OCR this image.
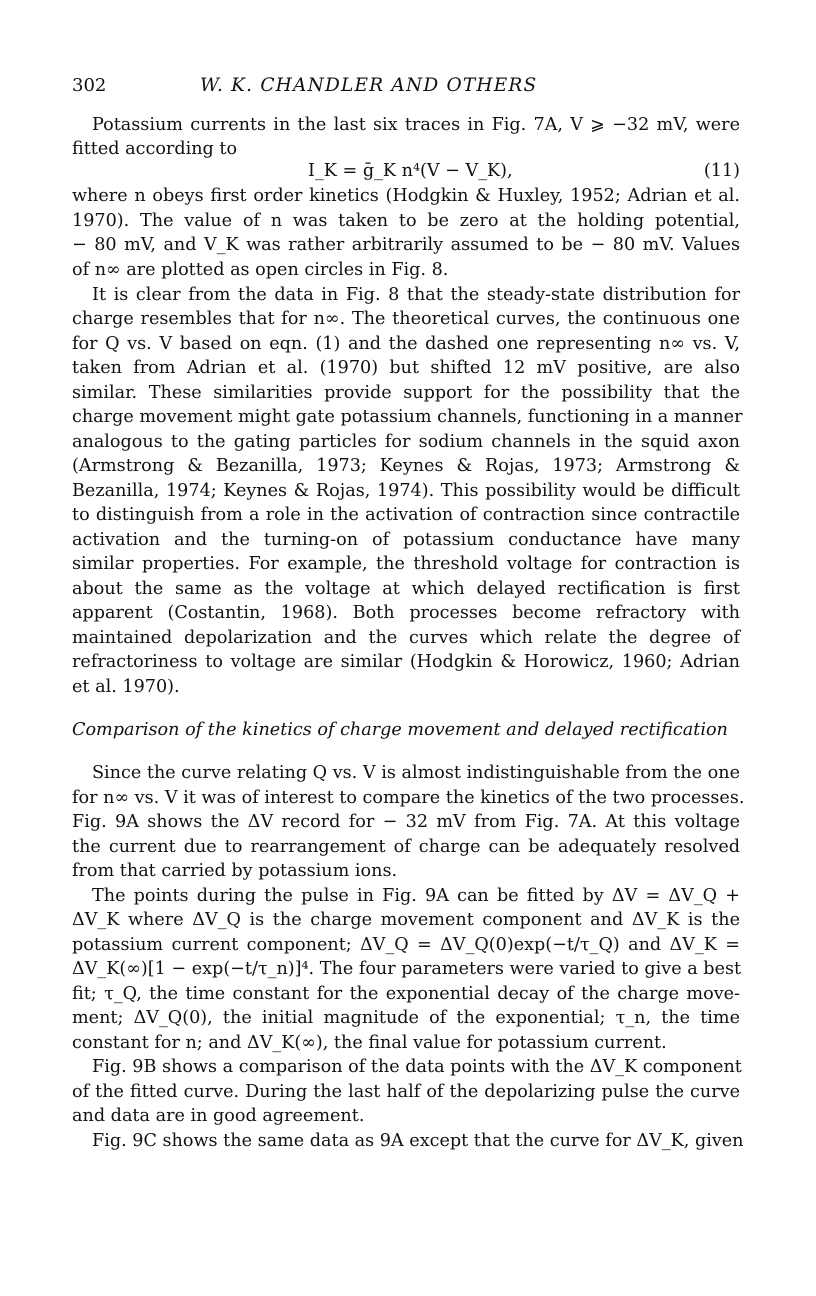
302	W. K. CHANDLER AND OTHERS
Potassium currents in the last six traces in Fig. 7A, V ⩾ −32 mV, were
fitted according to
I_K = ḡ_K n⁴(V − V_K),	(11)
where n obeys first order kinetics (Hodgkin & Huxley, 1952; Adrian et al.
1970). The value of n was taken to be zero at the holding potential,
− 80 mV, and V_K was rather arbitrarily assumed to be − 80 mV. Values
of n∞ are plotted as open circles in Fig. 8.
It is clear from the data in Fig. 8 that the steady-state distribution for
charge resembles that for n∞. The theoretical curves, the continuous one
for Q vs. V based on eqn. (1) and the dashed one representing n∞ vs. V,
taken from Adrian et al. (1970) but shifted 12 mV positive, are also
similar. These similarities provide support for the possibility that the
charge movement might gate potassium channels, functioning in a manner
analogous to the gating particles for sodium channels in the squid axon
(Armstrong & Bezanilla, 1973; Keynes & Rojas, 1973; Armstrong &
Bezanilla, 1974; Keynes & Rojas, 1974). This possibility would be difficult
to distinguish from a role in the activation of contraction since contractile
activation and the turning-on of potassium conductance have many
similar properties. For example, the threshold voltage for contraction is
about the same as the voltage at which delayed rectification is first
apparent (Costantin, 1968). Both processes become refractory with
maintained depolarization and the curves which relate the degree of
refractoriness to voltage are similar (Hodgkin & Horowicz, 1960; Adrian
et al. 1970).
Comparison of the kinetics of charge movement and delayed rectification
Since the curve relating Q vs. V is almost indistinguishable from the one
for n∞ vs. V it was of interest to compare the kinetics of the two processes.
Fig. 9A shows the ΔV record for − 32 mV from Fig. 7A. At this voltage
the current due to rearrangement of charge can be adequately resolved
from that carried by potassium ions.
The points during the pulse in Fig. 9A can be fitted by ΔV = ΔV_Q +
ΔV_K where ΔV_Q is the charge movement component and ΔV_K is the
potassium current component; ΔV_Q = ΔV_Q(0)exp(−t/τ_Q) and ΔV_K =
ΔV_K(∞)[1 − exp(−t/τ_n)]⁴. The four parameters were varied to give a best
fit; τ_Q, the time constant for the exponential decay of the charge move-
ment; ΔV_Q(0), the initial magnitude of the exponential; τ_n, the time
constant for n; and ΔV_K(∞), the final value for potassium current.
Fig. 9B shows a comparison of the data points with the ΔV_K component
of the fitted curve. During the last half of the depolarizing pulse the curve
and data are in good agreement.
Fig. 9C shows the same data as 9A except that the curve for ΔV_K, given
